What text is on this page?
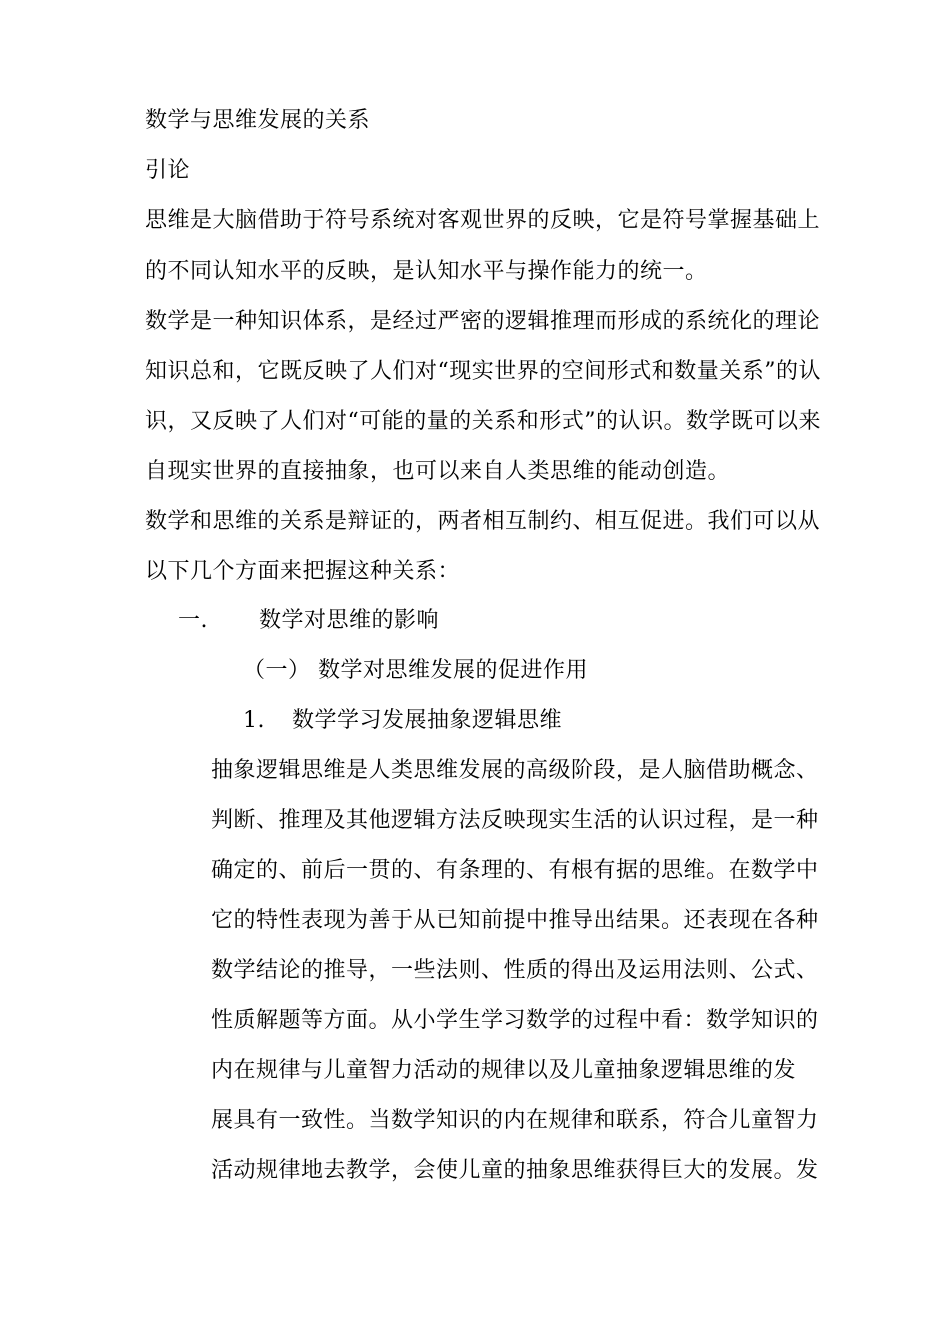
数学与思维发展的关系
引论
思维是大脑借助于符号系统对客观世界的反映，它是符号掌握基础上
的不同认知水平的反映，是认知水平与操作能力的统一。
数学是一种知识体系，是经过严密的逻辑推理而形成的系统化的理论
知识总和，它既反映了人们对“现实世界的空间形式和数量关系”的认
识，又反映了人们对“可能的量的关系和形式”的认识。数学既可以来
自现实世界的直接抽象，也可以来自人类思维的能动创造。
数学和思维的关系是辩证的，两者相互制约、相互促进。我们可以从
以下几个方面来把握这种关系：
一. 数学对思维的影响
（一） 数学对思维发展的促进作用
1. 数学学习发展抽象逻辑思维
抽象逻辑思维是人类思维发展的高级阶段，是人脑借助概念、
判断、推理及其他逻辑方法反映现实生活的认识过程，是一种
确定的、前后一贯的、有条理的、有根有据的思维。在数学中
它的特性表现为善于从已知前提中推导出结果。还表现在各种
数学结论的推导，一些法则、性质的得出及运用法则、公式、
性质解题等方面。从小学生学习数学的过程中看：数学知识的
内在规律与儿童智力活动的规律以及儿童抽象逻辑思维的发
展具有一致性。当数学知识的内在规律和联系，符合儿童智力
活动规律地去教学，会使儿童的抽象思维获得巨大的发展。发
